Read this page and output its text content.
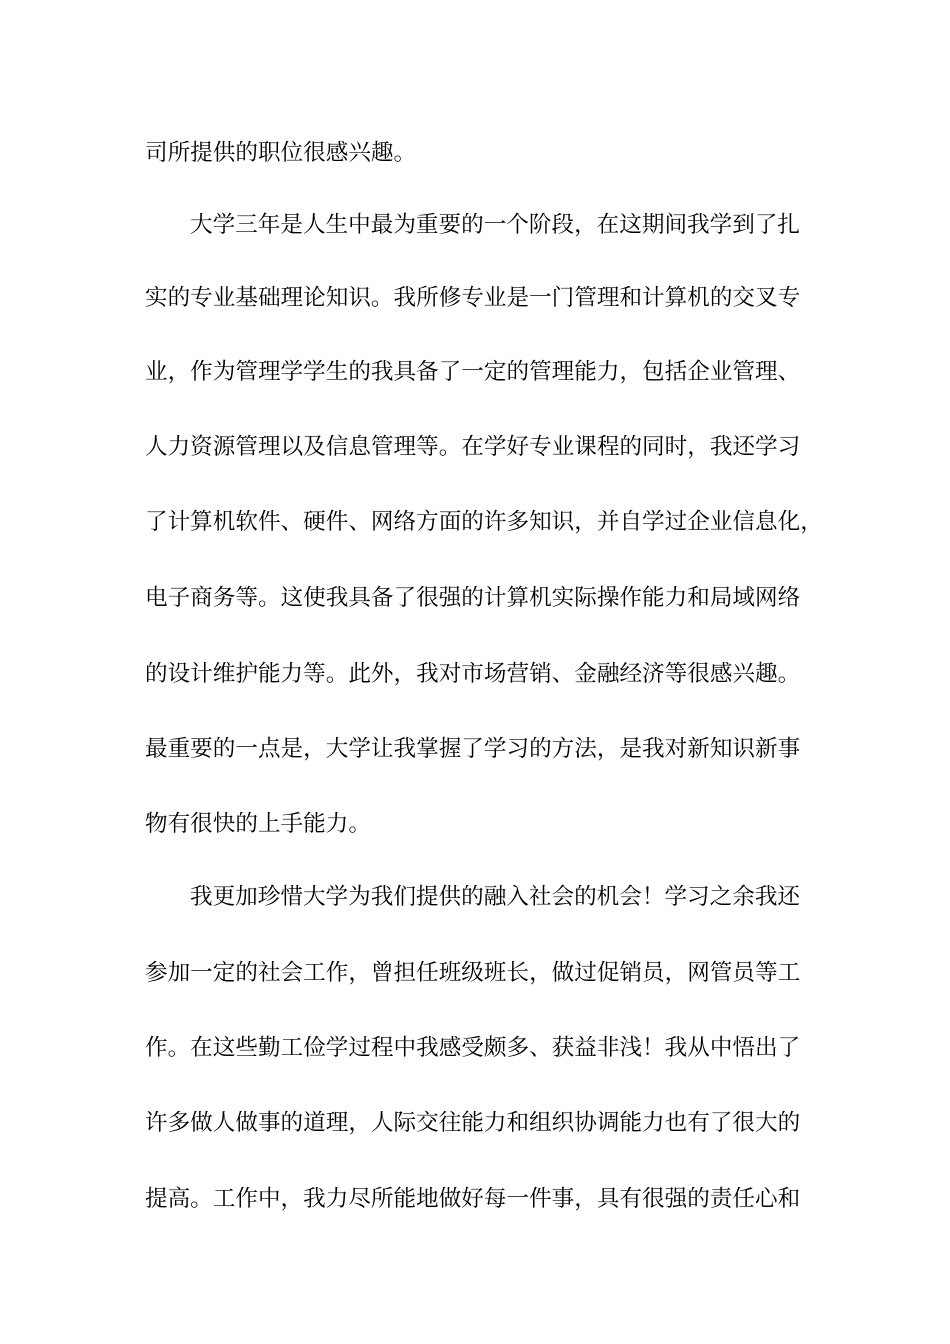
司所提供的职位很感兴趣。

大学三年是人生中最为重要的一个阶段，在这期间我学到了扎

实的专业基础理论知识。我所修专业是一门管理和计算机的交叉专

业，作为管理学学生的我具备了一定的管理能力，包括企业管理、

人力资源管理以及信息管理等。在学好专业课程的同时，我还学习

了计算机软件、硬件、网络方面的许多知识，并自学过企业信息化，

电子商务等。这使我具备了很强的计算机实际操作能力和局域网络

的设计维护能力等。此外，我对市场营销、金融经济等很感兴趣。

最重要的一点是，大学让我掌握了学习的方法，是我对新知识新事

物有很快的上手能力。

我更加珍惜大学为我们提供的融入社会的机会！学习之余我还

参加一定的社会工作，曾担任班级班长，做过促销员，网管员等工

作。在这些勤工俭学过程中我感受颇多、获益非浅！我从中悟出了

许多做人做事的道理，人际交往能力和组织协调能力也有了很大的

提高。工作中，我力尽所能地做好每一件事，具有很强的责任心和
